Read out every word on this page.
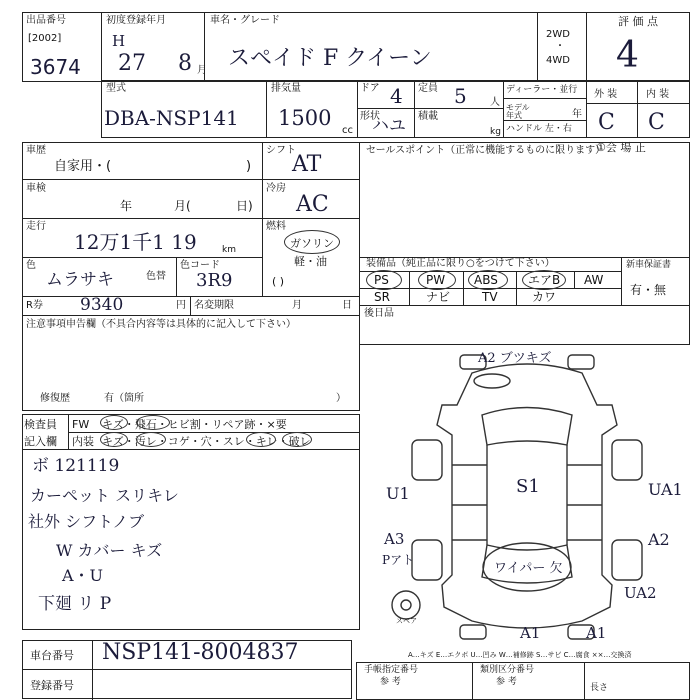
出品番号
[2002]
3674
初度登録年月
H
27 8 月
車名・グレード
スペイド F クイーン
2WD
・
4WD
評 価 点
4
型式
DBA-NSP141
排気量
1500
cc
ドア 4
形状
ハユ
定員 5 人
積載
kg
ディーラー・並行
モデル年式	年
ハンドル 左・右
外 装	内 装
C C
①会 場 正
車歴
自家用・(	)
車検
年	月(	日)
走行
12万1千1 19	km
色
ムラサキ	色替
色コード
3R9
シフト
AT
冷房
AC
燃料
ガソリン
軽・油
( )
セールスポイント（正常に機能するものに限ります）
装備品（純正品に限り○をつけて下さい）
PS	PW ABS	エアB AW
SR	ナビ	TV	カワ
新車保証書
有・無
R券 9340	円 名変期限	月	日
注意事項申告欄（不具合内容等は具体的に記入して下さい）
修復歴	有（箇所	）
後日品
検査員
記入欄
FW キズ・飛石・ヒビ割・リペア跡・×要
内装 キズ・汚レ・コゲ・穴・スレ・キレ・破レ
ボ 121119
カーペット スリキレ
社外 シフトノブ
W カバー キズ
A・U
下廻 リ P
A2 ブツキズ
S1
U1	UA1
A2
A3
Pアト
ワイパー 欠
UA2
A1	A1
スペア
A…キズ E…エクボ U…凹み W…補修跡 S…サビ C…腐食 ××…交換済
車台番号 NSP141-8004837
登録番号
手帳指定番号
参 考
類別区分番号
参 考
長さ
